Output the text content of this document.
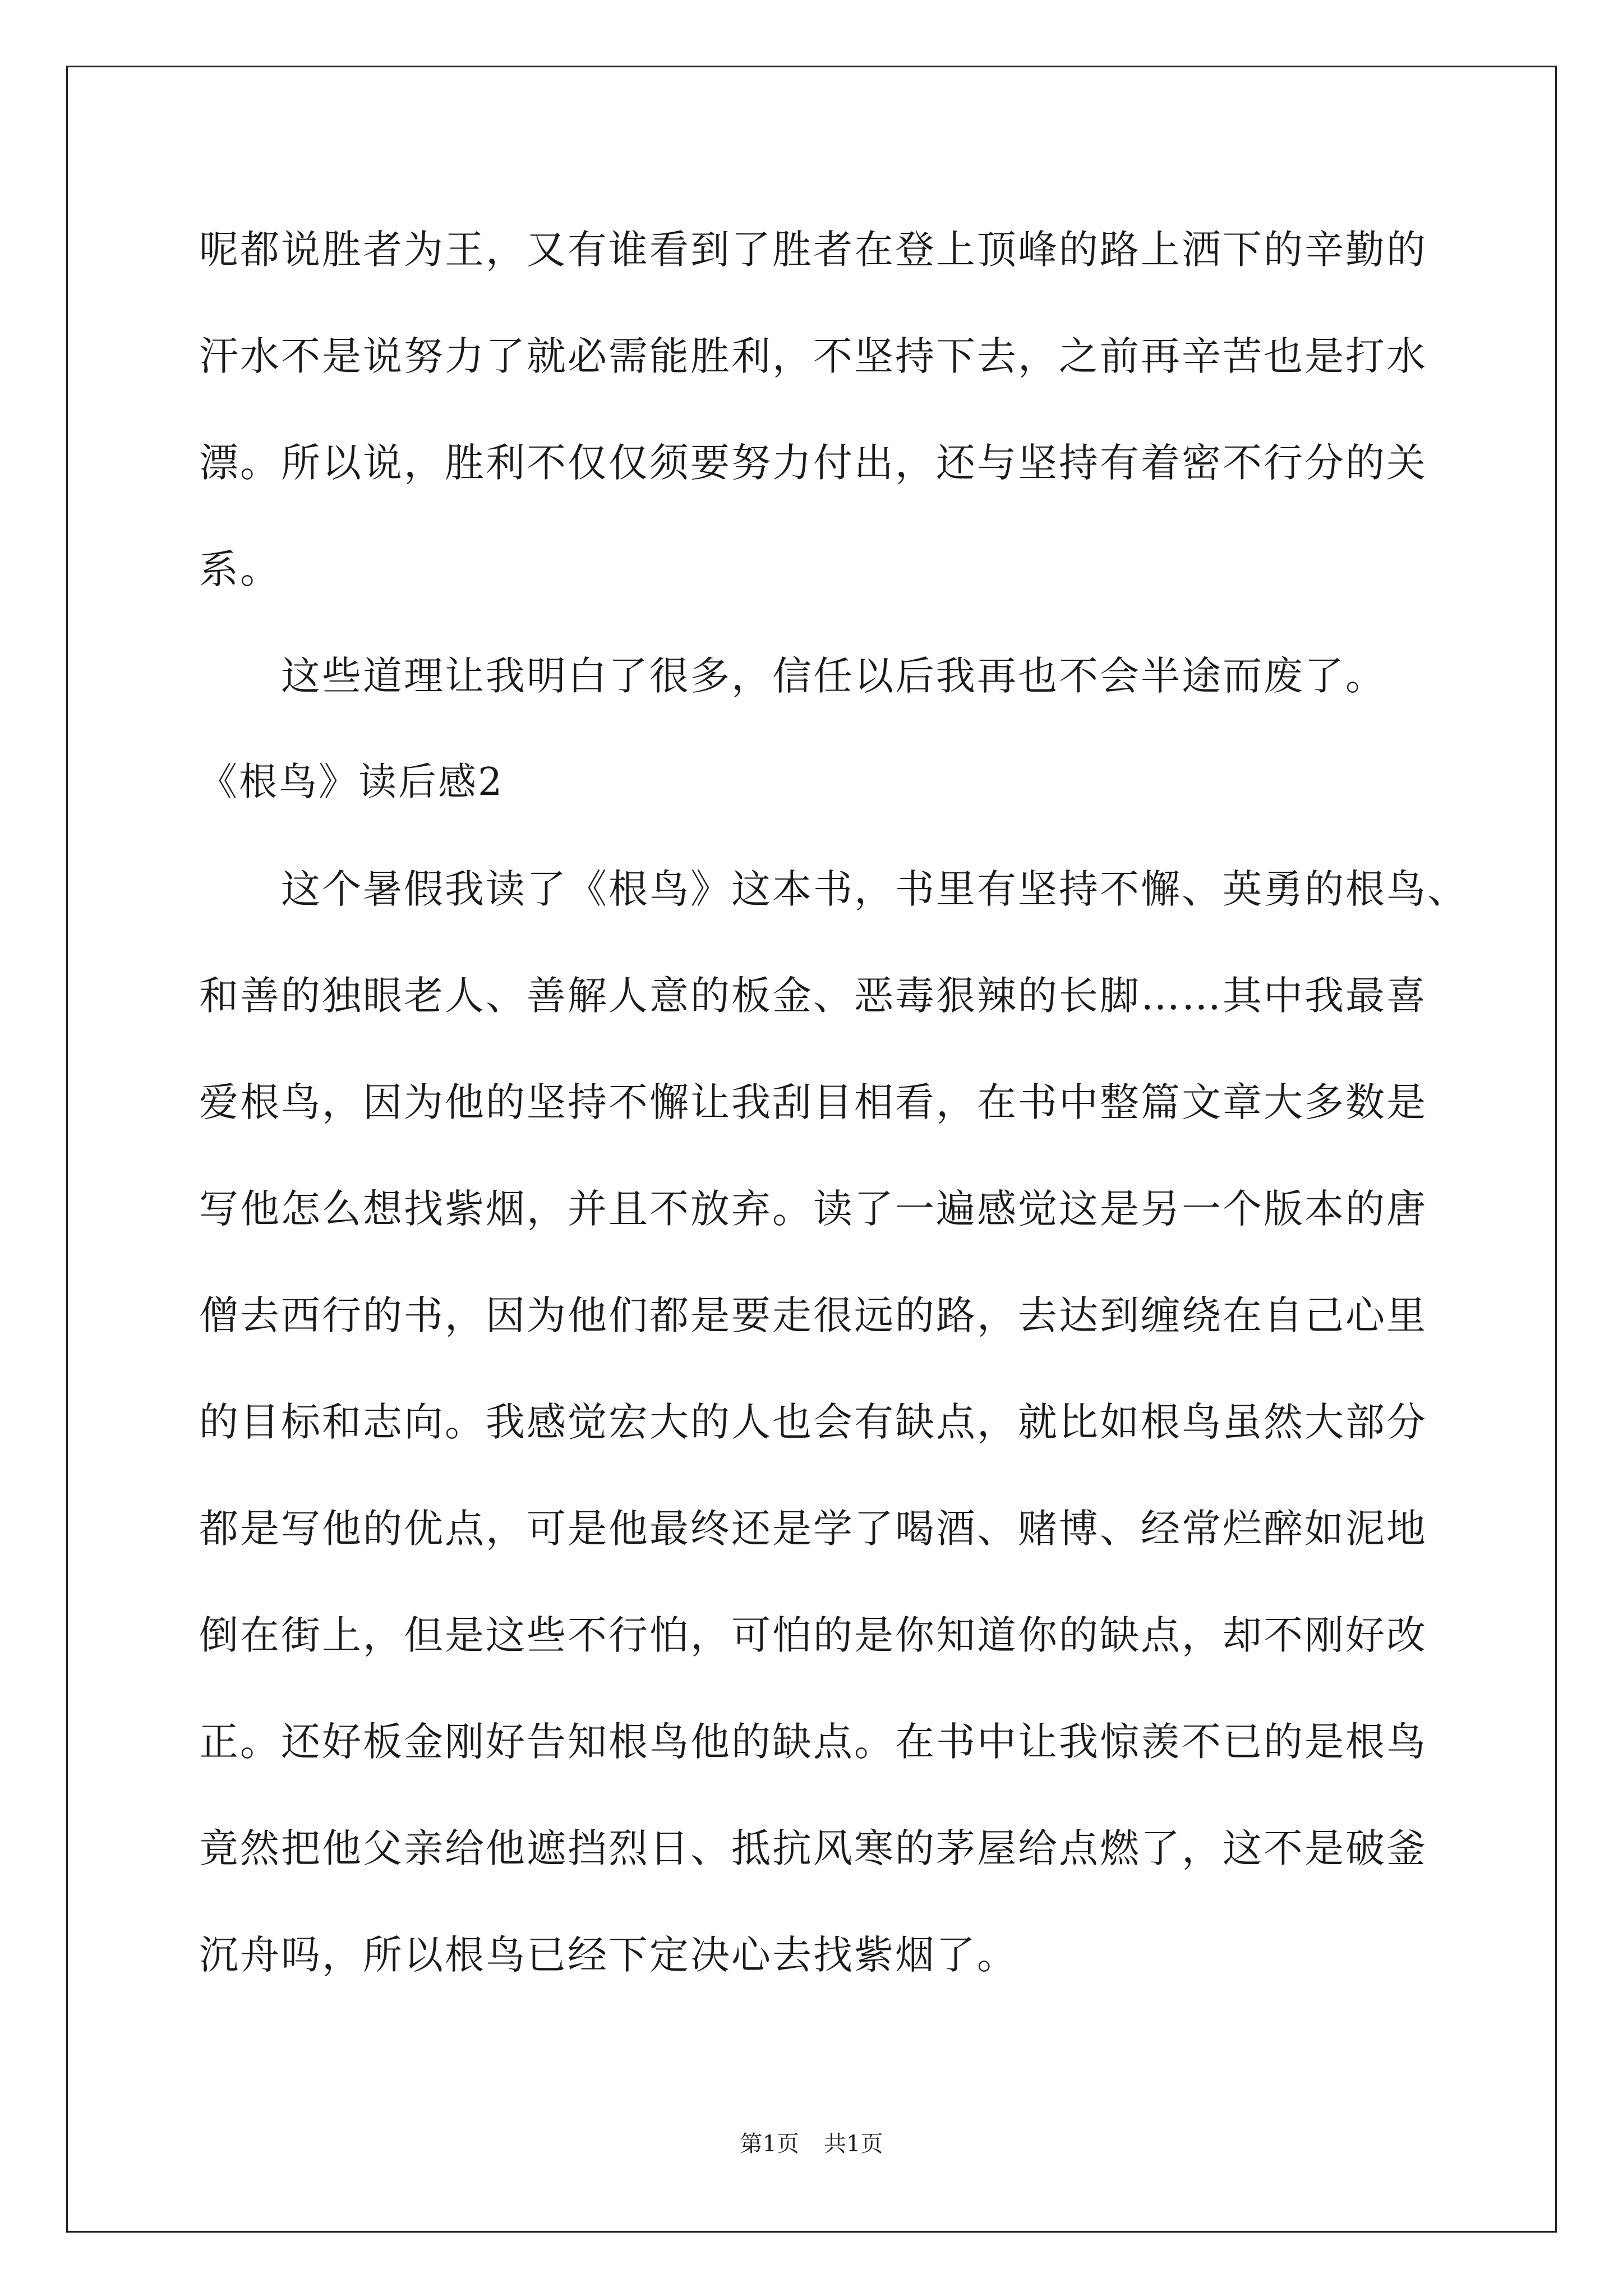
呢都说胜者为王，又有谁看到了胜者在登上顶峰的路上洒下的辛勤的
汗水不是说努力了就必需能胜利，不坚持下去，之前再辛苦也是打水
漂。所以说，胜利不仅仅须要努力付出，还与坚持有着密不行分的关
系。
这些道理让我明白了很多，信任以后我再也不会半途而废了。
《根鸟》读后感2
这个暑假我读了《根鸟》这本书，书里有坚持不懈、英勇的根鸟、
和善的独眼老人、善解人意的板金、恶毒狠辣的长脚……其中我最喜
爱根鸟，因为他的坚持不懈让我刮目相看，在书中整篇文章大多数是
写他怎么想找紫烟，并且不放弃。读了一遍感觉这是另一个版本的唐
僧去西行的书，因为他们都是要走很远的路，去达到缠绕在自己心里
的目标和志向。我感觉宏大的人也会有缺点，就比如根鸟虽然大部分
都是写他的优点，可是他最终还是学了喝酒、赌博、经常烂醉如泥地
倒在街上，但是这些不行怕，可怕的是你知道你的缺点，却不刚好改
正。还好板金刚好告知根鸟他的缺点。在书中让我惊羡不已的是根鸟
竟然把他父亲给他遮挡烈日、抵抗风寒的茅屋给点燃了，这不是破釜
沉舟吗，所以根鸟已经下定决心去找紫烟了。
第1页 共1页
